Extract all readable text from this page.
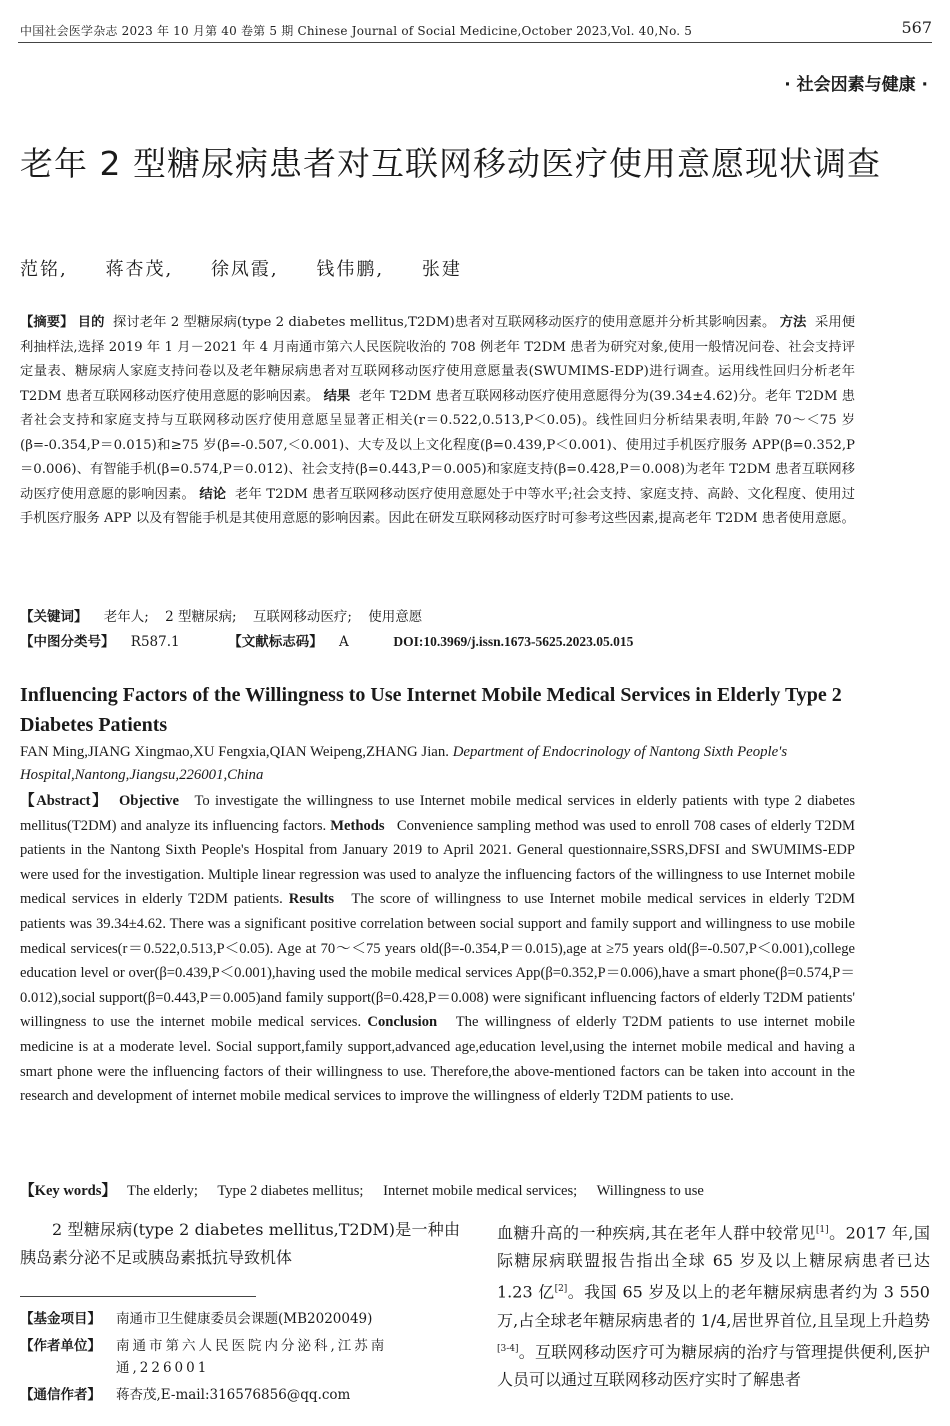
中国社会医学杂志 2023 年 10 月第 40 卷第 5 期 Chinese Journal of Social Medicine,October 2023,Vol. 40,No. 5	567
· 社会因素与健康 ·
老年 2 型糖尿病患者对互联网移动医疗使用意愿现状调查
范铭, 蒋杏茂, 徐凤霞, 钱伟鹏, 张建
【摘要】 目的 探讨老年 2 型糖尿病(type 2 diabetes mellitus,T2DM)患者对互联网移动医疗的使用意愿并分析其影响因素。 方法 采用便利抽样法,选择 2019 年 1 月－2021 年 4 月南通市第六人民医院收治的 708 例老年 T2DM 患者为研究对象,使用一般情况问卷、社会支持评定量表、糖尿病人家庭支持问卷以及老年糖尿病患者对互联网移动医疗使用意愿量表(SWUMIMS-EDP)进行调查。运用线性回归分析老年 T2DM 患者互联网移动医疗使用意愿的影响因素。 结果 老年 T2DM 患者互联网移动医疗使用意愿得分为(39.34±4.62)分。老年 T2DM 患者社会支持和家庭支持与互联网移动医疗使用意愿呈显著正相关(r＝0.522,0.513,P＜0.05)。线性回归分析结果表明,年龄 70～＜75 岁(β=-0.354,P＝0.015)和≥75 岁(β=-0.507,＜0.001)、大专及以上文化程度(β=0.439,P＜0.001)、使用过手机医疗服务 APP(β=0.352,P＝0.006)、有智能手机(β=0.574,P＝0.012)、社会支持(β=0.443,P＝0.005)和家庭支持(β=0.428,P＝0.008)为老年 T2DM 患者互联网移动医疗使用意愿的影响因素。 结论 老年 T2DM 患者互联网移动医疗使用意愿处于中等水平;社会支持、家庭支持、高龄、文化程度、使用过手机医疗服务 APP 以及有智能手机是其使用意愿的影响因素。因此在研发互联网移动医疗时可参考这些因素,提高老年 T2DM 患者使用意愿。
【关键词】 老年人; 2 型糖尿病; 互联网移动医疗; 使用意愿
【中图分类号】 R587.1	【文献标志码】 A	DOI:10.3969/j.issn.1673-5625.2023.05.015
Influencing Factors of the Willingness to Use Internet Mobile Medical Services in Elderly Type 2 Diabetes Patients
FAN Ming,JIANG Xingmao,XU Fengxia,QIAN Weipeng,ZHANG Jian. Department of Endocrinology of Nantong Sixth People's Hospital,Nantong,Jiangsu,226001,China
【Abstract】 Objective To investigate the willingness to use Internet mobile medical services in elderly patients with type 2 diabetes mellitus(T2DM) and analyze its influencing factors. Methods Convenience sampling method was used to enroll 708 cases of elderly T2DM patients in the Nantong Sixth People's Hospital from January 2019 to April 2021. General questionnaire,SSRS,DFSI and SWUMIMS-EDP were used for the investigation. Multiple linear regression was used to analyze the influencing factors of the willingness to use Internet mobile medical services in elderly T2DM patients. Results The score of willingness to use Internet mobile medical services in elderly T2DM patients was 39.34±4.62. There was a significant positive correlation between social support and family support and willingness to use mobile medical services(r＝0.522,0.513,P＜0.05). Age at 70～＜75 years old(β=-0.354,P＝0.015),age at ≥75 years old(β=-0.507,P＜0.001),college education level or over(β=0.439,P＜0.001),having used the mobile medical services App(β=0.352,P＝0.006),have a smart phone(β=0.574,P＝0.012),social support(β=0.443,P＝0.005)and family support(β=0.428,P＝0.008) were significant influencing factors of elderly T2DM patients' willingness to use the internet mobile medical services. Conclusion The willingness of elderly T2DM patients to use internet mobile medicine is at a moderate level. Social support,family support,advanced age,education level,using the internet mobile medical and having a smart phone were the influencing factors of their willingness to use. Therefore,the above-mentioned factors can be taken into account in the research and development of internet mobile medical services to improve the willingness of elderly T2DM patients to use.
【Key words】 The elderly; Type 2 diabetes mellitus; Internet mobile medical services; Willingness to use
2 型糖尿病(type 2 diabetes mellitus,T2DM)是一种由胰岛素分泌不足或胰岛素抵抗导致机体
【基金项目】 南通市卫生健康委员会课题(MB2020049)
【作者单位】	南通市第六人民医院内分泌科,江苏南通,226001
【通信作者】 蒋杏茂,E-mail:316576856@qq.com
血糖升高的一种疾病,其在老年人群中较常见[1]。2017 年,国际糖尿病联盟报告指出全球 65 岁及以上糖尿病患者已达 1.23 亿[2]。我国 65 岁及以上的老年糖尿病患者约为 3 550 万,占全球老年糖尿病患者的 1/4,居世界首位,且呈现上升趋势[3-4]。互联网移动医疗可为糖尿病的治疗与管理提供便利,医护人员可以通过互联网移动医疗实时了解患者
